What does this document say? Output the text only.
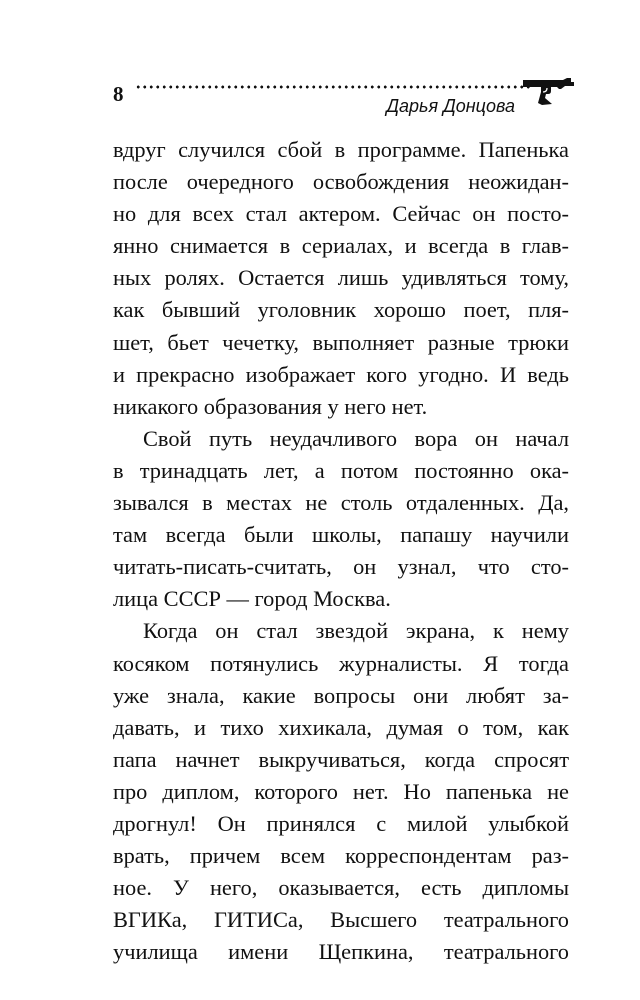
8	Дарья Донцова
вдруг случился сбой в программе. Папенька
после очередного освобождения неожидан-
но для всех стал актером. Сейчас он посто-
янно снимается в сериалах, и всегда в глав-
ных ролях. Остается лишь удивляться тому,
как бывший уголовник хорошо поет, пля-
шет, бьет чечетку, выполняет разные трюки
и прекрасно изображает кого угодно. И ведь
никакого образования у него нет.
Свой путь неудачливого вора он начал
в тринадцать лет, а потом постоянно ока-
зывался в местах не столь отдаленных. Да,
там всегда были школы, папашу научили
читать-писать-считать, он узнал, что сто-
лица СССР — город Москва.
Когда он стал звездой экрана, к нему
косяком потянулись журналисты. Я тогда
уже знала, какие вопросы они любят за-
давать, и тихо хихикала, думая о том, как
папа начнет выкручиваться, когда спросят
про диплом, которого нет. Но папенька не
дрогнул! Он принялся с милой улыбкой
врать, причем всем корреспондентам раз-
ное. У него, оказывается, есть дипломы
ВГИКа, ГИТИСа, Высшего театрального
училища имени Щепкина, театрального
